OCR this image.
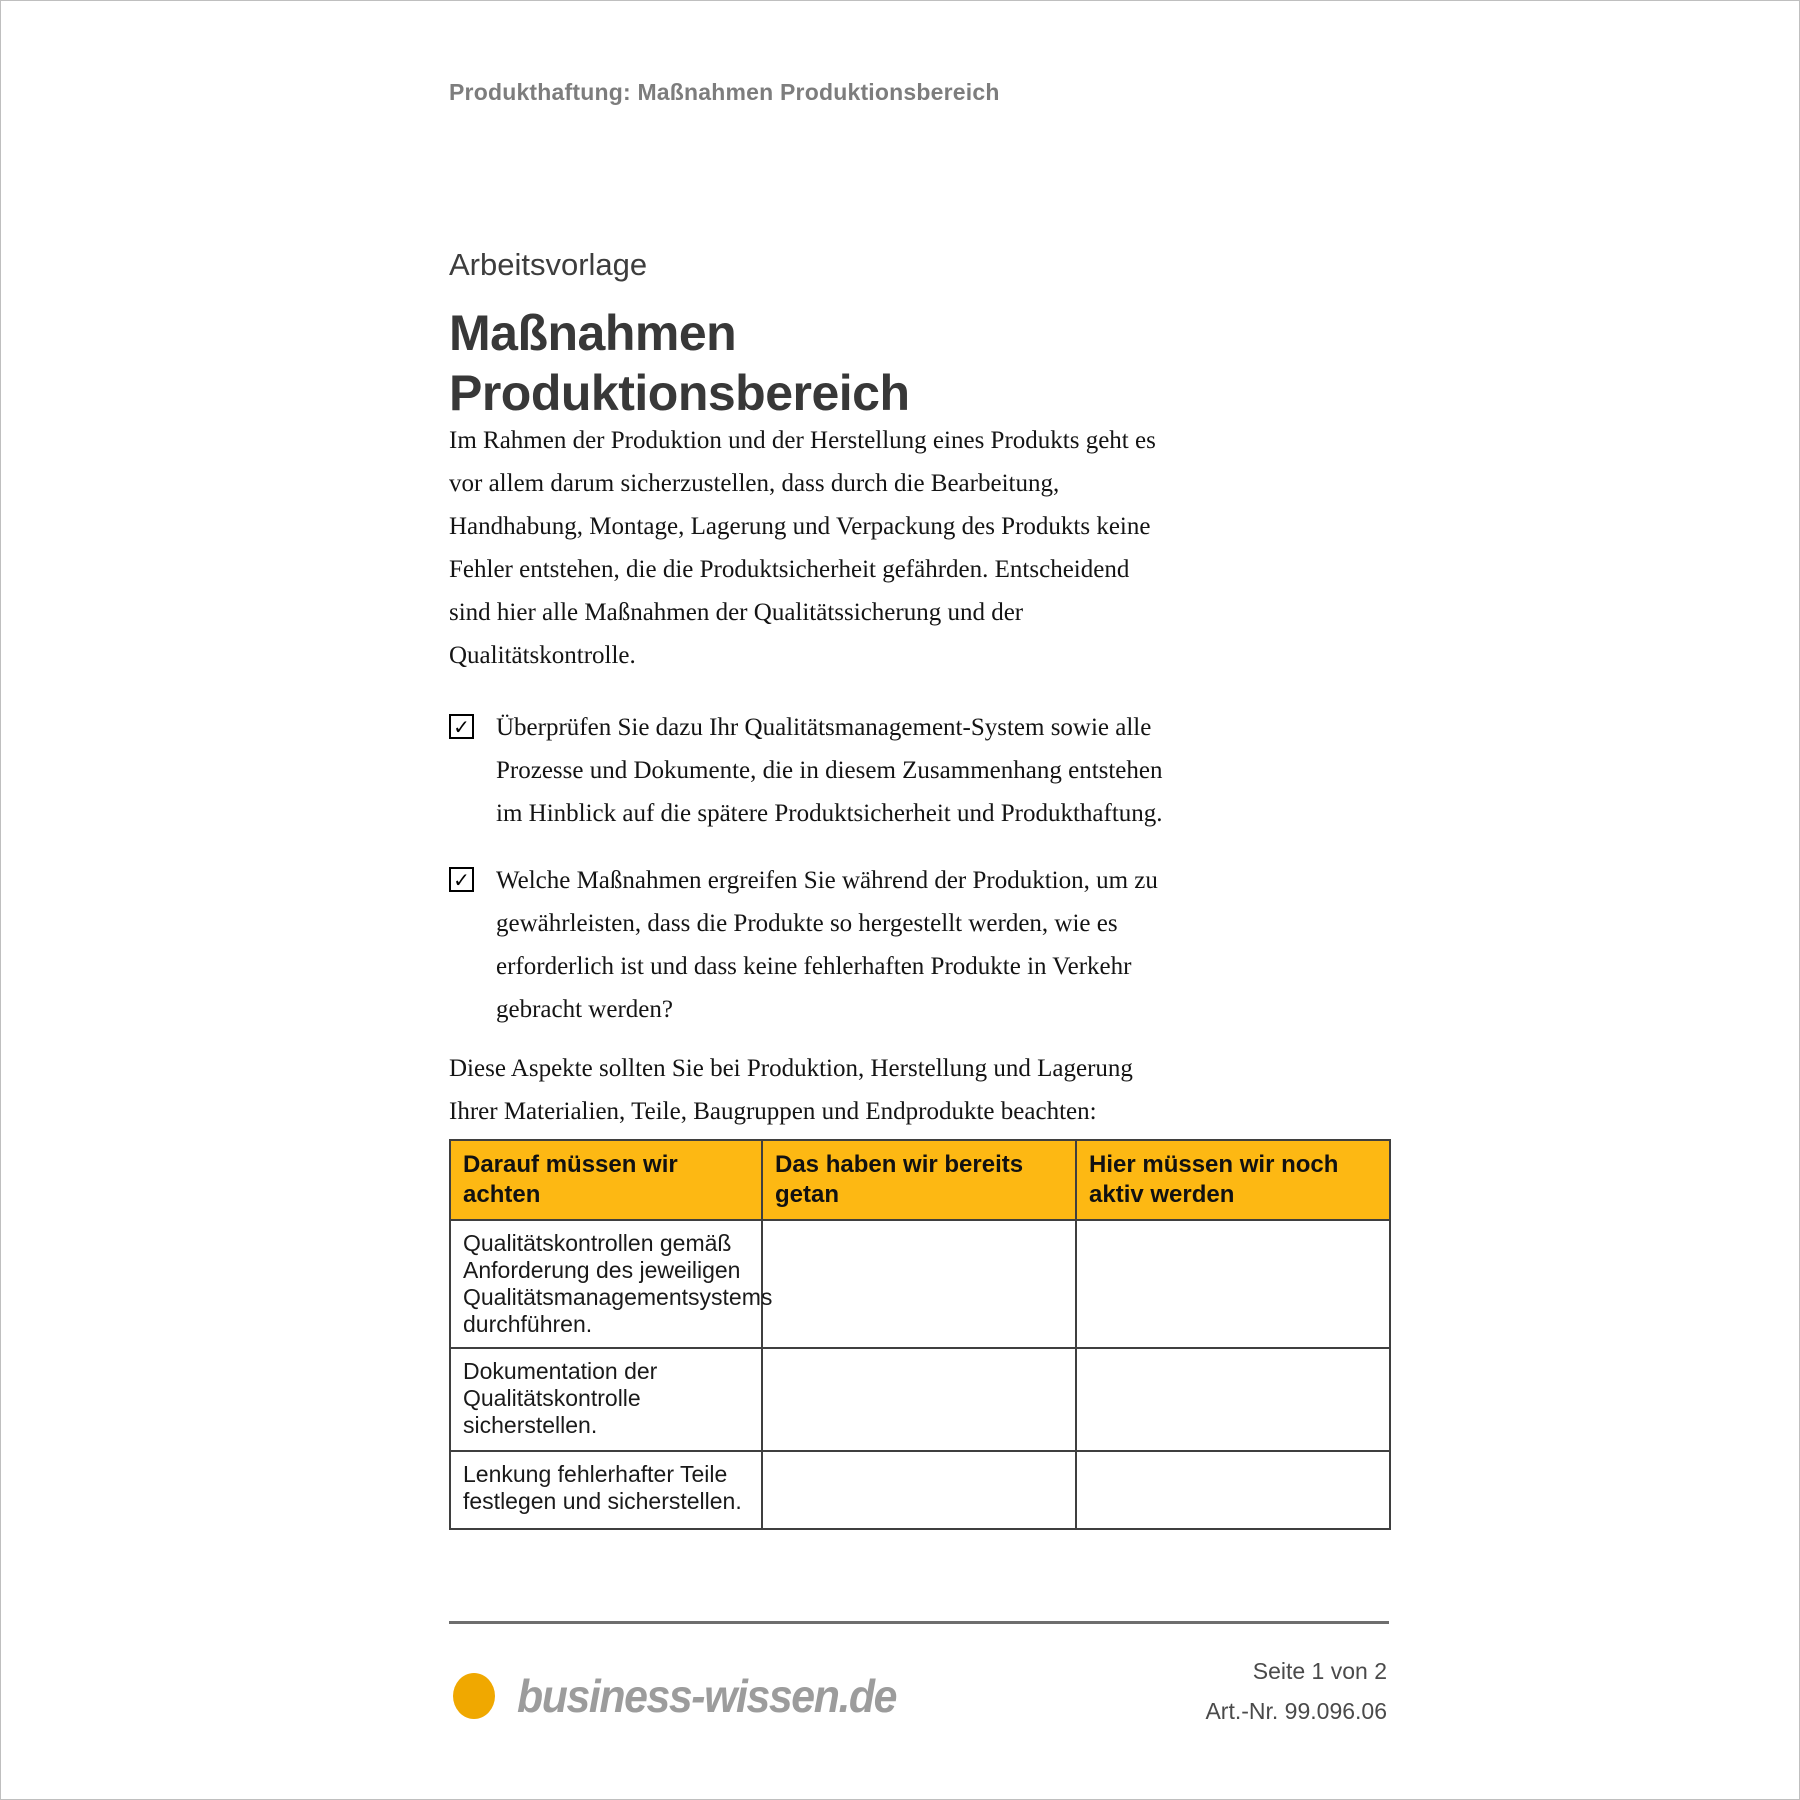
Produkthaftung: Maßnahmen Produktionsbereich
Arbeitsvorlage
Maßnahmen
Produktionsbereich
Im Rahmen der Produktion und der Herstellung eines Produkts geht es vor allem darum sicherzustellen, dass durch die Bearbeitung, Handhabung, Montage, Lagerung und Verpackung des Produkts keine Fehler entstehen, die die Produktsicherheit gefährden. Entscheidend sind hier alle Maßnahmen der Qualitätssicherung und der Qualitätskontrolle.
✓ Überprüfen Sie dazu Ihr Qualitätsmanagement-System sowie alle Prozesse und Dokumente, die in diesem Zusammenhang entstehen im Hinblick auf die spätere Produktsicherheit und Produkthaftung.
✓ Welche Maßnahmen ergreifen Sie während der Produktion, um zu gewährleisten, dass die Produkte so hergestellt werden, wie es erforderlich ist und dass keine fehlerhaften Produkte in Verkehr gebracht werden?
Diese Aspekte sollten Sie bei Produktion, Herstellung und Lagerung Ihrer Materialien, Teile, Baugruppen und Endprodukte beachten:
Darauf müssen wir achten	Das haben wir bereits getan	Hier müssen wir noch aktiv werden
Qualitätskontrollen gemäß Anforderung des jeweiligen Qualitätsmanagementsystems durchführen.		
Dokumentation der Qualitätskontrolle sicherstellen.		
Lenkung fehlerhafter Teile festlegen und sicherstellen.		
business-wissen.de	Seite 1 von 2
Art.-Nr. 99.096.06
